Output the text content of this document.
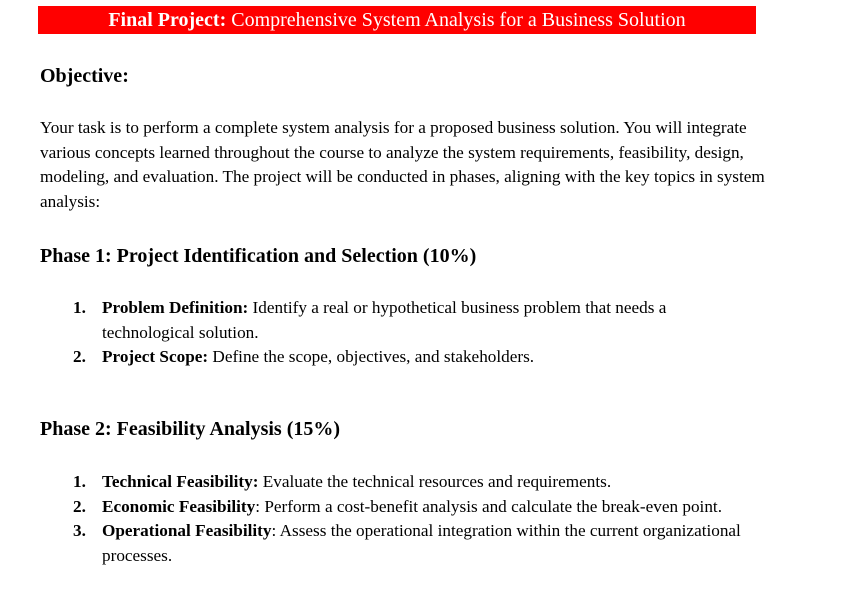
Final Project: Comprehensive System Analysis for a Business Solution
Objective:

Your task is to perform a complete system analysis for a proposed business solution. You will integrate various concepts learned throughout the course to analyze the system requirements, feasibility, design, modeling, and evaluation. The project will be conducted in phases, aligning with the key topics in system analysis:

Phase 1: Project Identification and Selection (10%)
1. Problem Definition: Identify a real or hypothetical business problem that needs a technological solution.
2. Project Scope: Define the scope, objectives, and stakeholders.
Phase 2: Feasibility Analysis (15%)
1. Technical Feasibility: Evaluate the technical resources and requirements.
2. Economic Feasibility: Perform a cost-benefit analysis and calculate the break-even point.
3. Operational Feasibility: Assess the operational integration within the current organizational processes.
